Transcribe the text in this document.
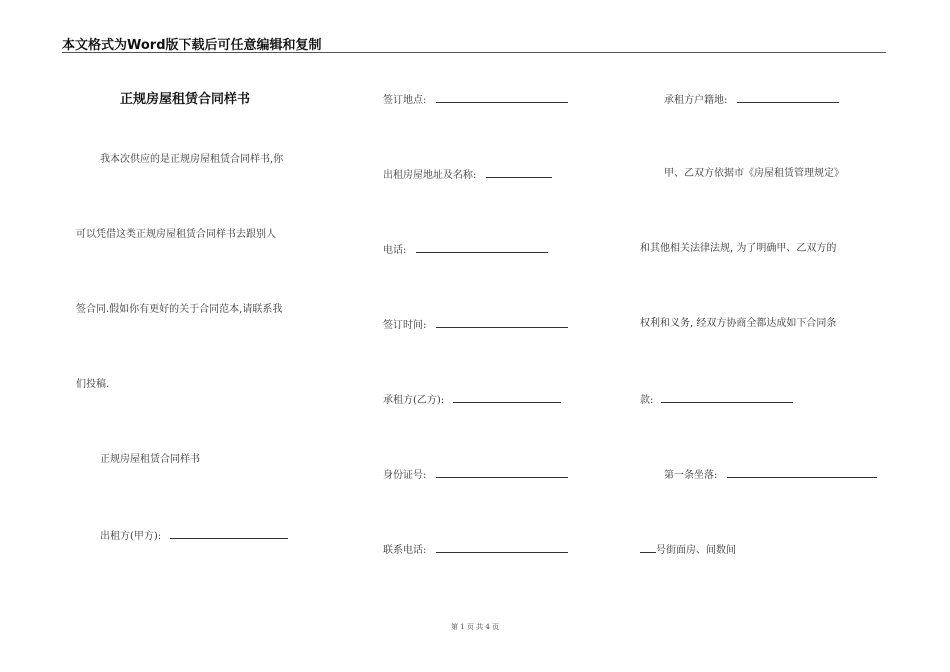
本文格式为Word版下载后可任意编辑和复制
正规房屋租赁合同样书
我本次供应的是正规房屋租赁合同样书,你
可以凭借这类正规房屋租赁合同样书去跟别人
签合同.假如你有更好的关于合同范本,请联系我
们投稿.
正规房屋租赁合同样书
出租方(甲方):
签订地点:
出租房屋地址及名称:
电话:
签订时间:
承租方(乙方):
身份证号:
联系电话:
承租方户籍地:
甲、乙双方依据市《房屋租赁管理规定》
和其他相关法律法规, 为了明确甲、乙双方的
权利和义务, 经双方协商全都达成如下合同条
款:
第一条坐落:
号街面房、间数间
第 1 页 共 4 页
